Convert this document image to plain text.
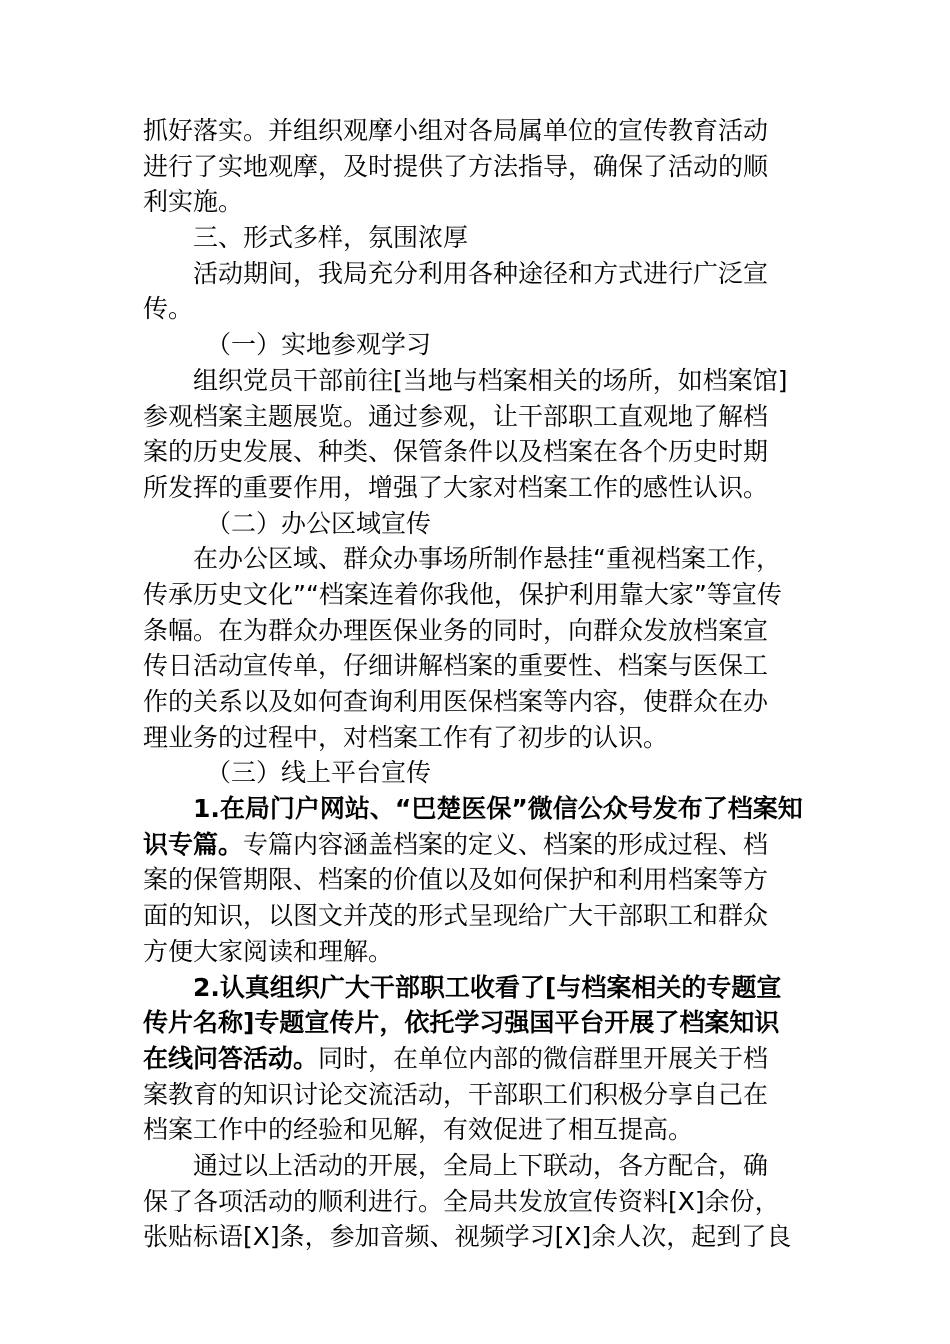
抓好落实。并组织观摩小组对各局属单位的宣传教育活动
进行了实地观摩，及时提供了方法指导，确保了活动的顺
利实施。
三、形式多样，氛围浓厚
活动期间，我局充分利用各种途径和方式进行广泛宣
传。
（一）实地参观学习
组织党员干部前往[当地与档案相关的场所，如档案馆]
参观档案主题展览。通过参观，让干部职工直观地了解档
案的历史发展、种类、保管条件以及档案在各个历史时期
所发挥的重要作用，增强了大家对档案工作的感性认识。
（二）办公区域宣传
在办公区域、群众办事场所制作悬挂“重视档案工作，
传承历史文化”“档案连着你我他，保护利用靠大家”等宣传
条幅。在为群众办理医保业务的同时，向群众发放档案宣
传日活动宣传单，仔细讲解档案的重要性、档案与医保工
作的关系以及如何查询利用医保档案等内容，使群众在办
理业务的过程中，对档案工作有了初步的认识。
（三）线上平台宣传
1.在局门户网站、“巴楚医保”微信公众号发布了档案知
识专篇。专篇内容涵盖档案的定义、档案的形成过程、档
案的保管期限、档案的价值以及如何保护和利用档案等方
面的知识，以图文并茂的形式呈现给广大干部职工和群众
方便大家阅读和理解。
2.认真组织广大干部职工收看了[与档案相关的专题宣
传片名称]专题宣传片，依托学习强国平台开展了档案知识
在线问答活动。同时，在单位内部的微信群里开展关于档
案教育的知识讨论交流活动，干部职工们积极分享自己在
档案工作中的经验和见解，有效促进了相互提高。
通过以上活动的开展，全局上下联动，各方配合，确
保了各项活动的顺利进行。全局共发放宣传资料[X]余份，
张贴标语[X]条，参加音频、视频学习[X]余人次，起到了良
